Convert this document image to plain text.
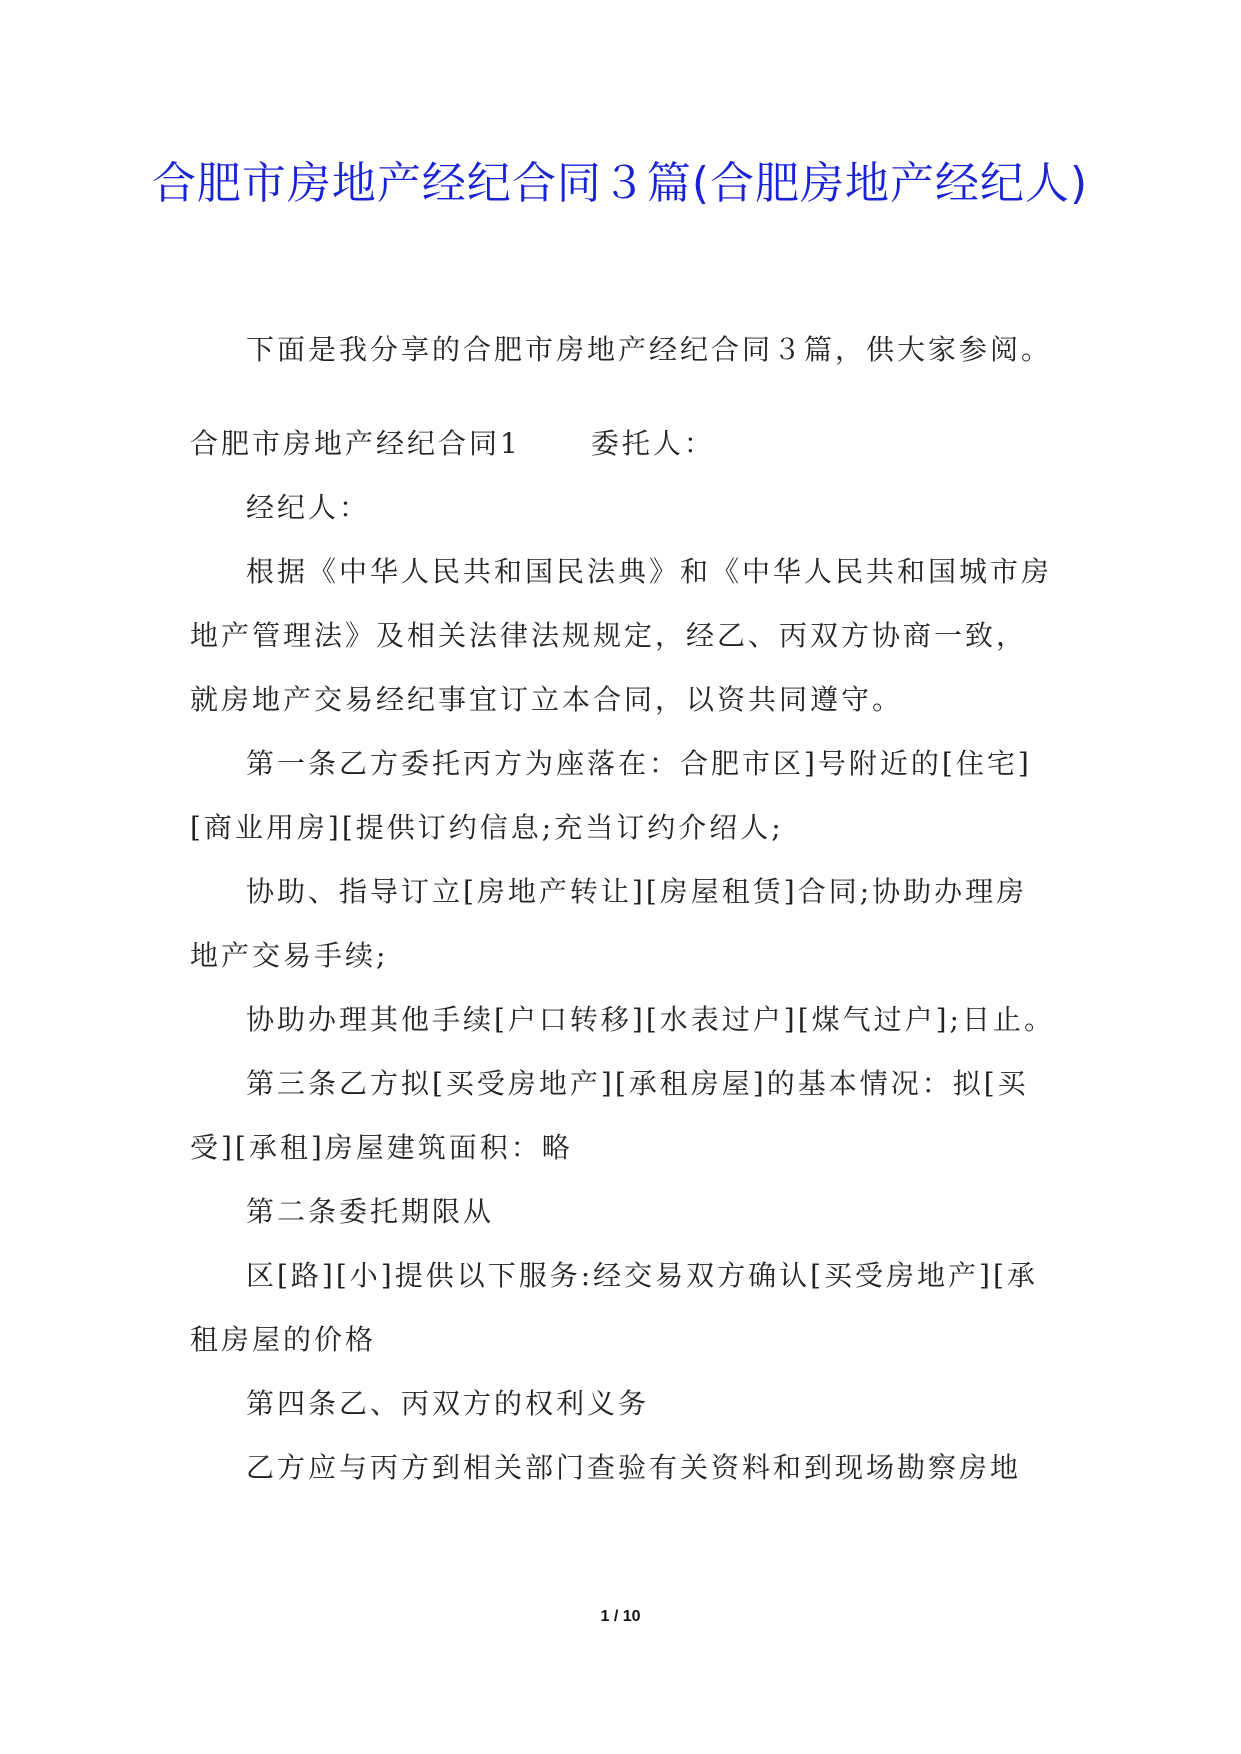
合肥市房地产经纪合同３篇(合肥房地产经纪人)

下面是我分享的合肥市房地产经纪合同３篇，供大家参阅。

合肥市房地产经纪合同1	委托人：

经纪人：

根据《中华人民共和国民法典》和《中华人民共和国城市房地产管理法》及相关法律法规规定，经乙、丙双方协商一致，就房地产交易经纪事宜订立本合同，以资共同遵守。

第一条乙方委托丙方为座落在：合肥市区]号附近的[住宅][商业用房][提供订约信息;充当订约介绍人;

协助、指导订立[房地产转让][房屋租赁]合同;协助办理房地产交易手续;

协助办理其他手续[户口转移][水表过户][煤气过户];日止。

第三条乙方拟[买受房地产][承租房屋]的基本情况：拟[买受][承租]房屋建筑面积：略

第二条委托期限从

区[路][小]提供以下服务:经交易双方确认[买受房地产][承租房屋的价格

第四条乙、丙双方的权利义务

乙方应与丙方到相关部门查验有关资料和到现场勘察房地

1 / 10
